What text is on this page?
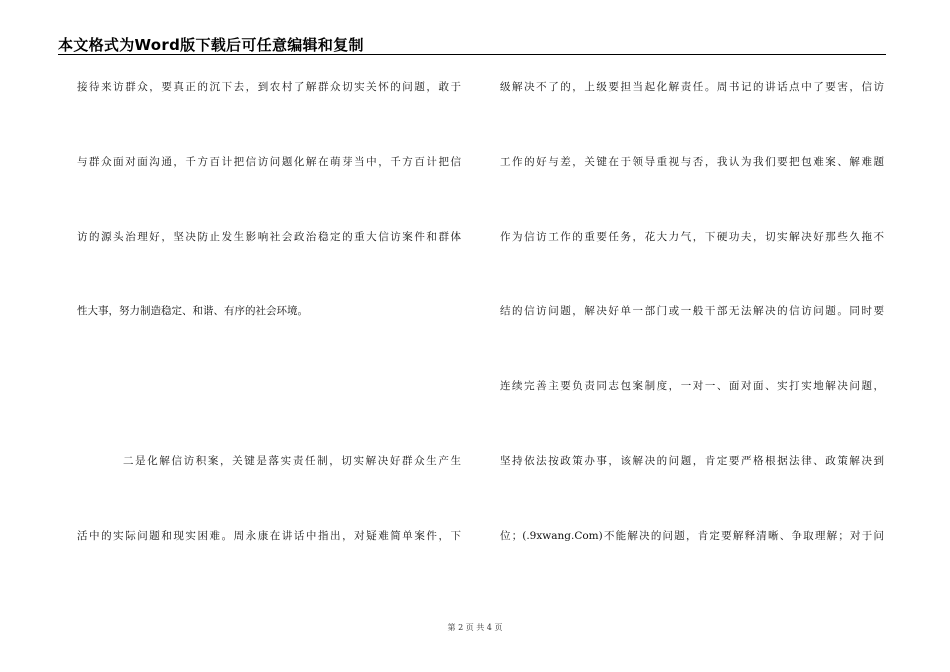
本文格式为Word版下载后可任意编辑和复制
接待来访群众，要真正的沉下去，到农村了解群众切实关怀的问题，敢于
与群众面对面沟通，千方百计把信访问题化解在萌芽当中，千方百计把信
访的源头治理好，坚决防止发生影响社会政治稳定的重大信访案件和群体
性大事，努力制造稳定、和谐、有序的社会环境。
二是化解信访积案，关键是落实责任制，切实解决好群众生产生
活中的实际问题和现实困难。周永康在讲话中指出，对疑难简单案件，下
级解决不了的，上级要担当起化解责任。周书记的讲话点中了要害，信访
工作的好与差，关键在于领导重视与否，我认为我们要把包难案、解难题
作为信访工作的重要任务，花大力气，下硬功夫，切实解决好那些久拖不
结的信访问题，解决好单一部门或一般干部无法解决的信访问题。同时要
连续完善主要负责同志包案制度，一对一、面对面、实打实地解决问题，
坚持依法按政策办事，该解决的问题，肯定要严格根据法律、政策解决到
位；(.9xwang.Com)不能解决的问题，肯定要解释清晰、争取理解；对于问
第 2 页 共 4 页
